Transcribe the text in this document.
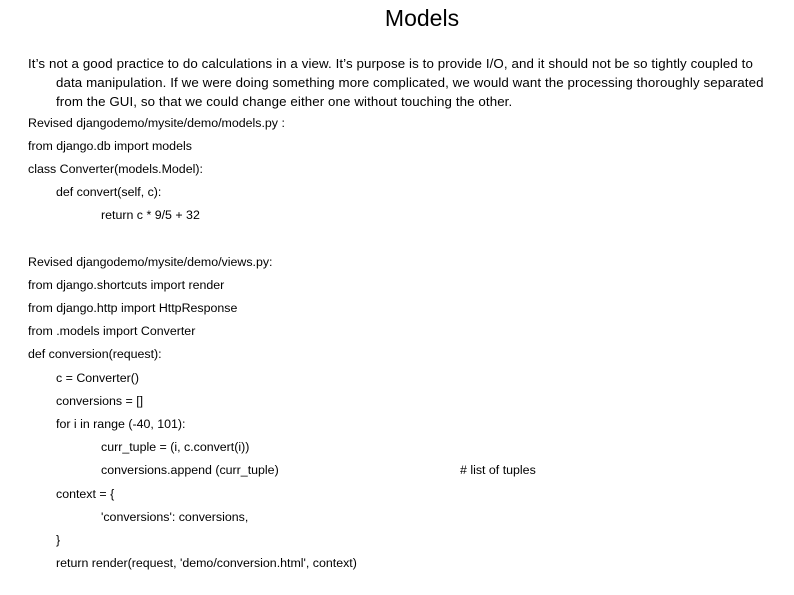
Models

It’s not a good practice to do calculations in a view. It’s purpose is to provide I/O, and it should not be so tightly coupled to data manipulation. If we were doing something more complicated, we would want the processing thoroughly separated from the GUI, so that we could change either one without touching the other.

Revised djangodemo/mysite/demo/models.py :
from django.db import models
class Converter(models.Model):
def convert(self, c):
return c * 9/5 + 32
Revised djangodemo/mysite/demo/views.py:
from django.shortcuts import render
from django.http import HttpResponse
from .models import Converter
def conversion(request):
c = Converter()
conversions = []
for i in range (-40, 101):
curr_tuple = (i, c.convert(i))
conversions.append (curr_tuple)	# list of tuples
context = {
'conversions': conversions,
}
return render(request, 'demo/conversion.html', context)
